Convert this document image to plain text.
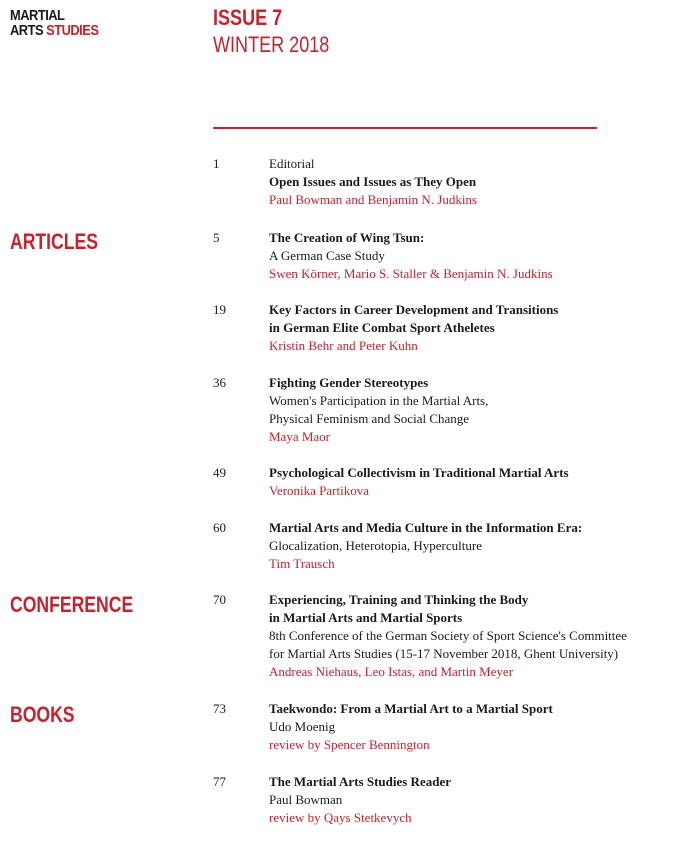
MARTIAL
ARTS STUDIES
ISSUE 7
WINTER 2018
ARTICLES
CONFERENCE
BOOKS
1	Editorial
Open Issues and Issues as They Open
Paul Bowman and Benjamin N. Judkins
5	The Creation of Wing Tsun:
A German Case Study
Swen Körner, Mario S. Staller & Benjamin N. Judkins
19	Key Factors in Career Development and Transitions
in German Elite Combat Sport Atheletes
Kristin Behr and Peter Kuhn
36	Fighting Gender Stereotypes
Women's Participation in the Martial Arts,
Physical Feminism and Social Change
Maya Maor
49	Psychological Collectivism in Traditional Martial Arts
Veronika Partikova
60	Martial Arts and Media Culture in the Information Era:
Glocalization, Heterotopia, Hyperculture
Tim Trausch
70	Experiencing, Training and Thinking the Body
in Martial Arts and Martial Sports
8th Conference of the German Society of Sport Science's Committee
for Martial Arts Studies (15-17 November 2018, Ghent University)
Andreas Niehaus, Leo Istas, and Martin Meyer
73	Taekwondo: From a Martial Art to a Martial Sport
Udo Moenig
review by Spencer Bennington
77	The Martial Arts Studies Reader
Paul Bowman
review by Qays Stetkevych
